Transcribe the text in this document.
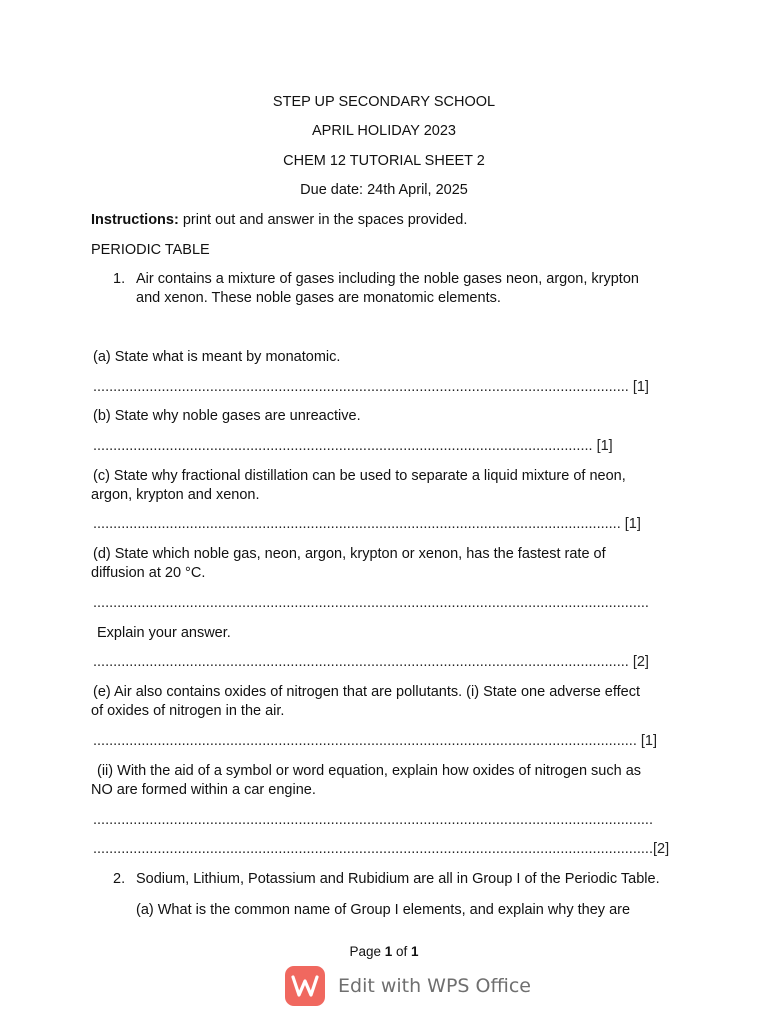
STEP UP SECONDARY SCHOOL
APRIL HOLIDAY 2023
CHEM 12 TUTORIAL SHEET 2
Due date: 24th April, 2025
Instructions: print out and answer in the spaces provided.
PERIODIC TABLE
1. Air contains a mixture of gases including the noble gases neon, argon, krypton
and xenon. These noble gases are monatomic elements.
(a) State what is meant by monatomic.
..................................................................................................................................... [1]
(b) State why noble gases are unreactive.
............................................................................................................................ [1]
(c) State why fractional distillation can be used to separate a liquid mixture of neon,
argon, krypton and xenon.
................................................................................................................................... [1]
(d) State which noble gas, neon, argon, krypton or xenon, has the fastest rate of
diffusion at 20 °C.
..........................................................................................................................................
Explain your answer.
..................................................................................................................................... [2]
(e) Air also contains oxides of nitrogen that are pollutants. (i) State one adverse effect
of oxides of nitrogen in the air.
....................................................................................................................................... [1]
(ii) With the aid of a symbol or word equation, explain how oxides of nitrogen such as
NO are formed within a car engine.
...........................................................................................................................................
...........................................................................................................................................[2]
2. Sodium, Lithium, Potassium and Rubidium are all in Group I of the Periodic Table.
(a) What is the common name of Group I elements, and explain why they are
Page 1 of 1
Edit with WPS Office
